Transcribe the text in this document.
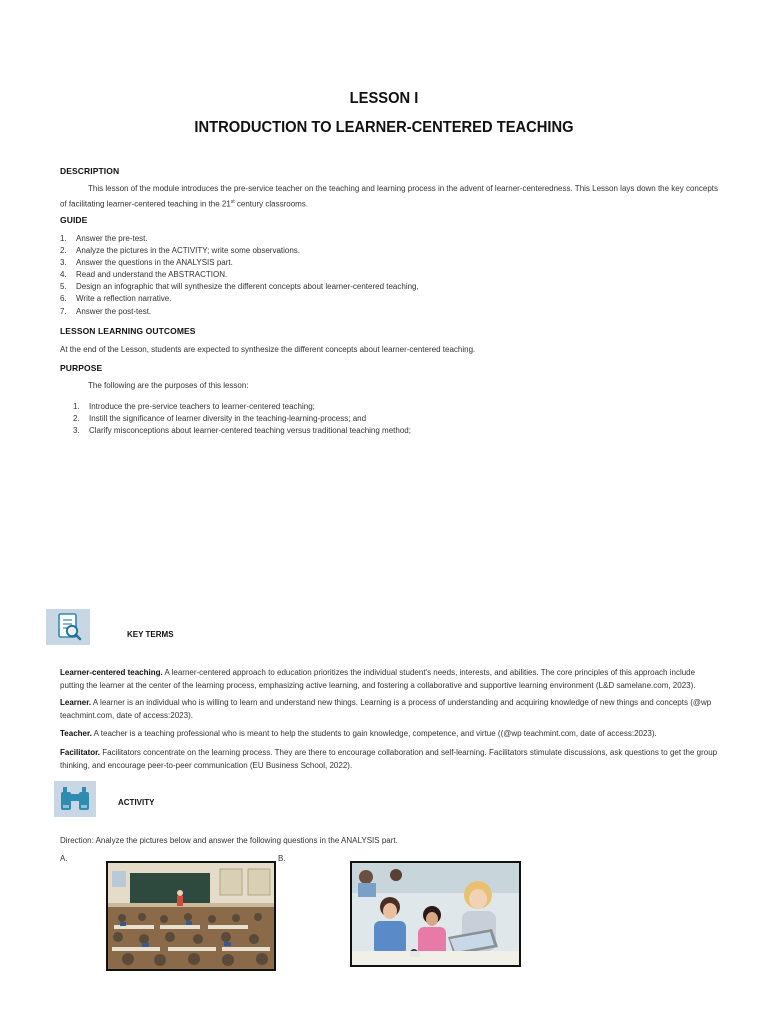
LESSON I
INTRODUCTION TO LEARNER-CENTERED TEACHING
DESCRIPTION
This lesson of the module introduces the pre-service teacher on the teaching and learning process in the advent of learner-centeredness. This Lesson lays down the key concepts of facilitating learner-centered teaching in the 21st century classrooms.
GUIDE
1. Answer the pre-test.
2. Analyze the pictures in the ACTIVITY; write some observations.
3. Answer the questions in the ANALYSIS part.
4. Read and understand the ABSTRACTION.
5. Design an infographic that will synthesize the different concepts about learner-centered teaching,
6. Write a reflection narrative.
7. Answer the post-test.
LESSON LEARNING OUTCOMES
At the end of the Lesson, students are expected to synthesize the different concepts about learner-centered teaching.
PURPOSE
The following are the purposes of this lesson:
1. Introduce the pre-service teachers to learner-centered teaching;
2. Instill the significance of learner diversity in the teaching-learning-process; and
3. Clarify misconceptions about learner-centered teaching versus traditional teaching method;
KEY TERMS
Learner-centered teaching. A learner-centered approach to education prioritizes the individual student's needs, interests, and abilities. The core principles of this approach include putting the learner at the center of the learning process, emphasizing active learning, and fostering a collaborative and supportive learning environment (L&D samelane.com, 2023).
Learner. A learner is an individual who is willing to learn and understand new things. Learning is a process of understanding and acquiring knowledge of new things and concepts (@wp teachmint.com, date of access:2023).
Teacher. A teacher is a teaching professional who is meant to help the students to gain knowledge, competence, and virtue ((@wp teachmint.com, date of access:2023).
Facilitator. Facilitators concentrate on the learning process. They are there to encourage collaboration and self-learning. Facilitators stimulate discussions, ask questions to get the group thinking, and encourage peer-to-peer communication (EU Business School, 2022).
ACTIVITY
Direction: Analyze the pictures below and answer the following questions in the ANALYSIS part.
A.	B.
